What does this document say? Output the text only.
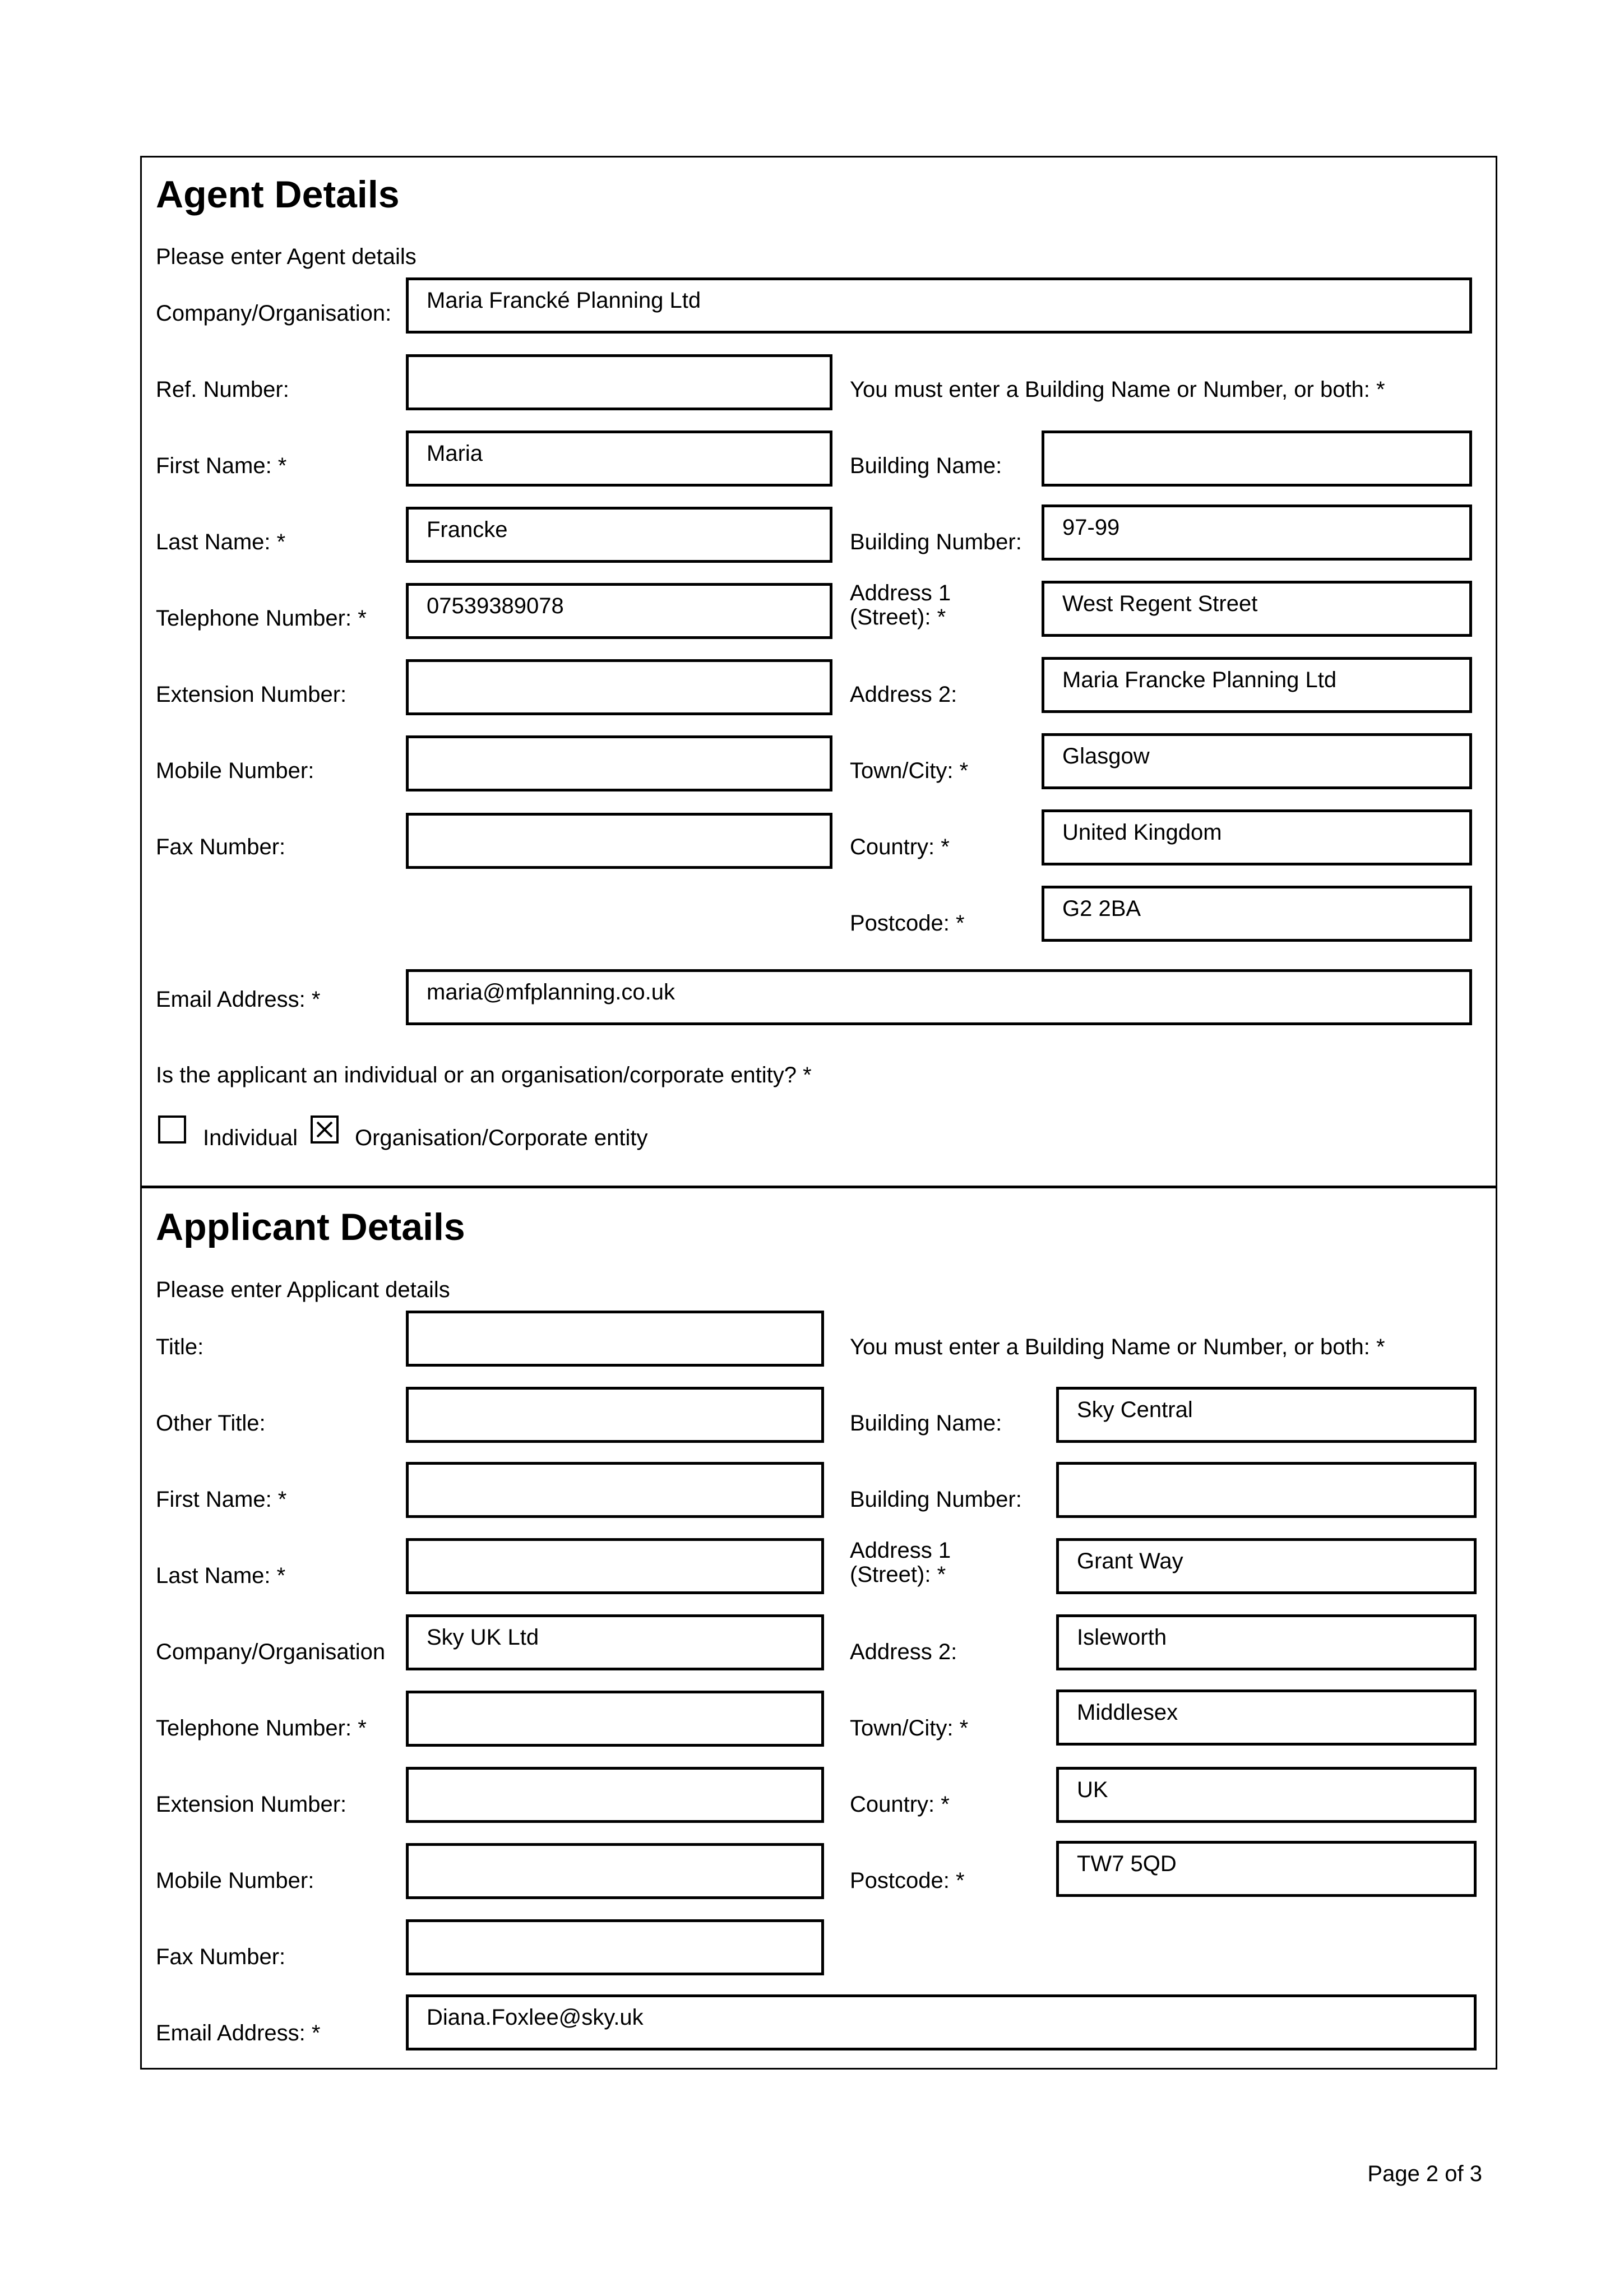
Agent Details
Please enter Agent details
Company/Organisation:
Ref. Number:
First Name: *
Last Name: *
Telephone Number: *
Extension Number:
Mobile Number:
Fax Number:
Email Address: *
Maria Francké Planning Ltd
Maria
Francke
07539389078
maria@mfplanning.co.uk
You must enter a Building Name or Number, or both: *
Building Name:
Building Number:
Address 1
(Street): *
Address 2:
Town/City: *
Country: *
Postcode: *
97-99
West Regent Street
Maria Francke Planning Ltd
Glasgow
United Kingdom
G2 2BA
Is the applicant an individual or an organisation/corporate entity? *
Individual	Organisation/Corporate entity
Applicant Details
Please enter Applicant details
Title:
Other Title:
First Name: *
Last Name: *
Company/Organisation
Telephone Number: *
Extension Number:
Mobile Number:
Fax Number:
Email Address: *
Sky UK Ltd
Diana.Foxlee@sky.uk
You must enter a Building Name or Number, or both: *
Building Name:
Building Number:
Address 1
(Street): *
Address 2:
Town/City: *
Country: *
Postcode: *
Sky Central
Grant Way
Isleworth
Middlesex
UK
TW7 5QD
Page 2 of 3
